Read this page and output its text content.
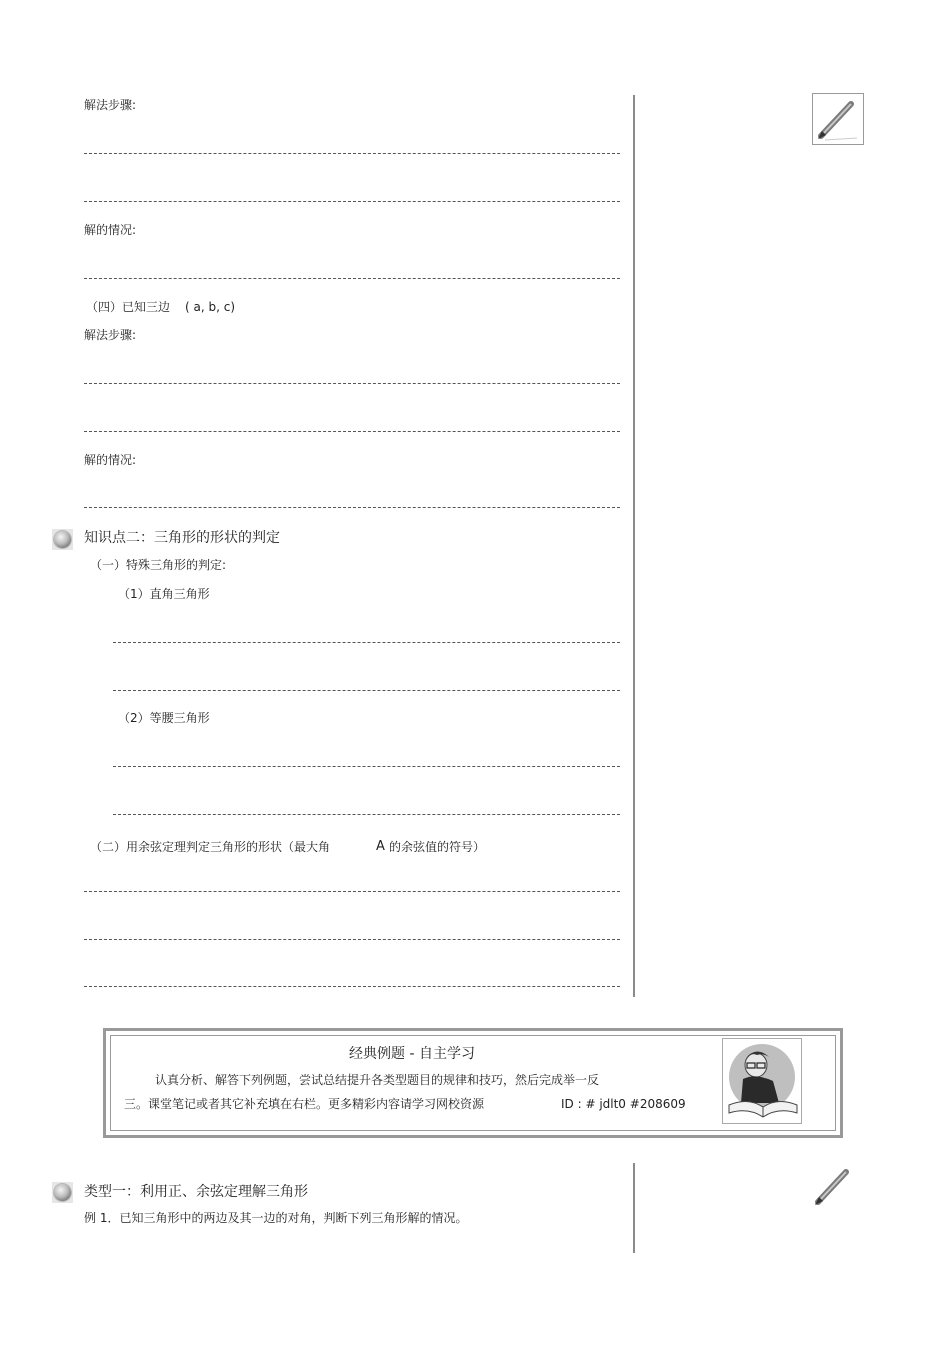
解法步骤:
解的情况:
（四）已知三边 ( a, b, c)
解法步骤:
解的情况:
知识点二：三角形的形状的判定
（一）特殊三角形的判定:
（1）直角三角形
（2）等腰三角形
（二）用余弦定理判定三角形的形状（最大角	A 的余弦值的符号）
经典例题 - 自主学习
认真分析、解答下列例题，尝试总结提升各类型题目的规律和技巧，然后完成举一反
三。课堂笔记或者其它补充填在右栏。更多精彩内容请学习网校资源	ID : # jdlt0 #208609
类型一：利用正、余弦定理解三角形
例 1．已知三角形中的两边及其一边的对角，判断下列三角形解的情况。
